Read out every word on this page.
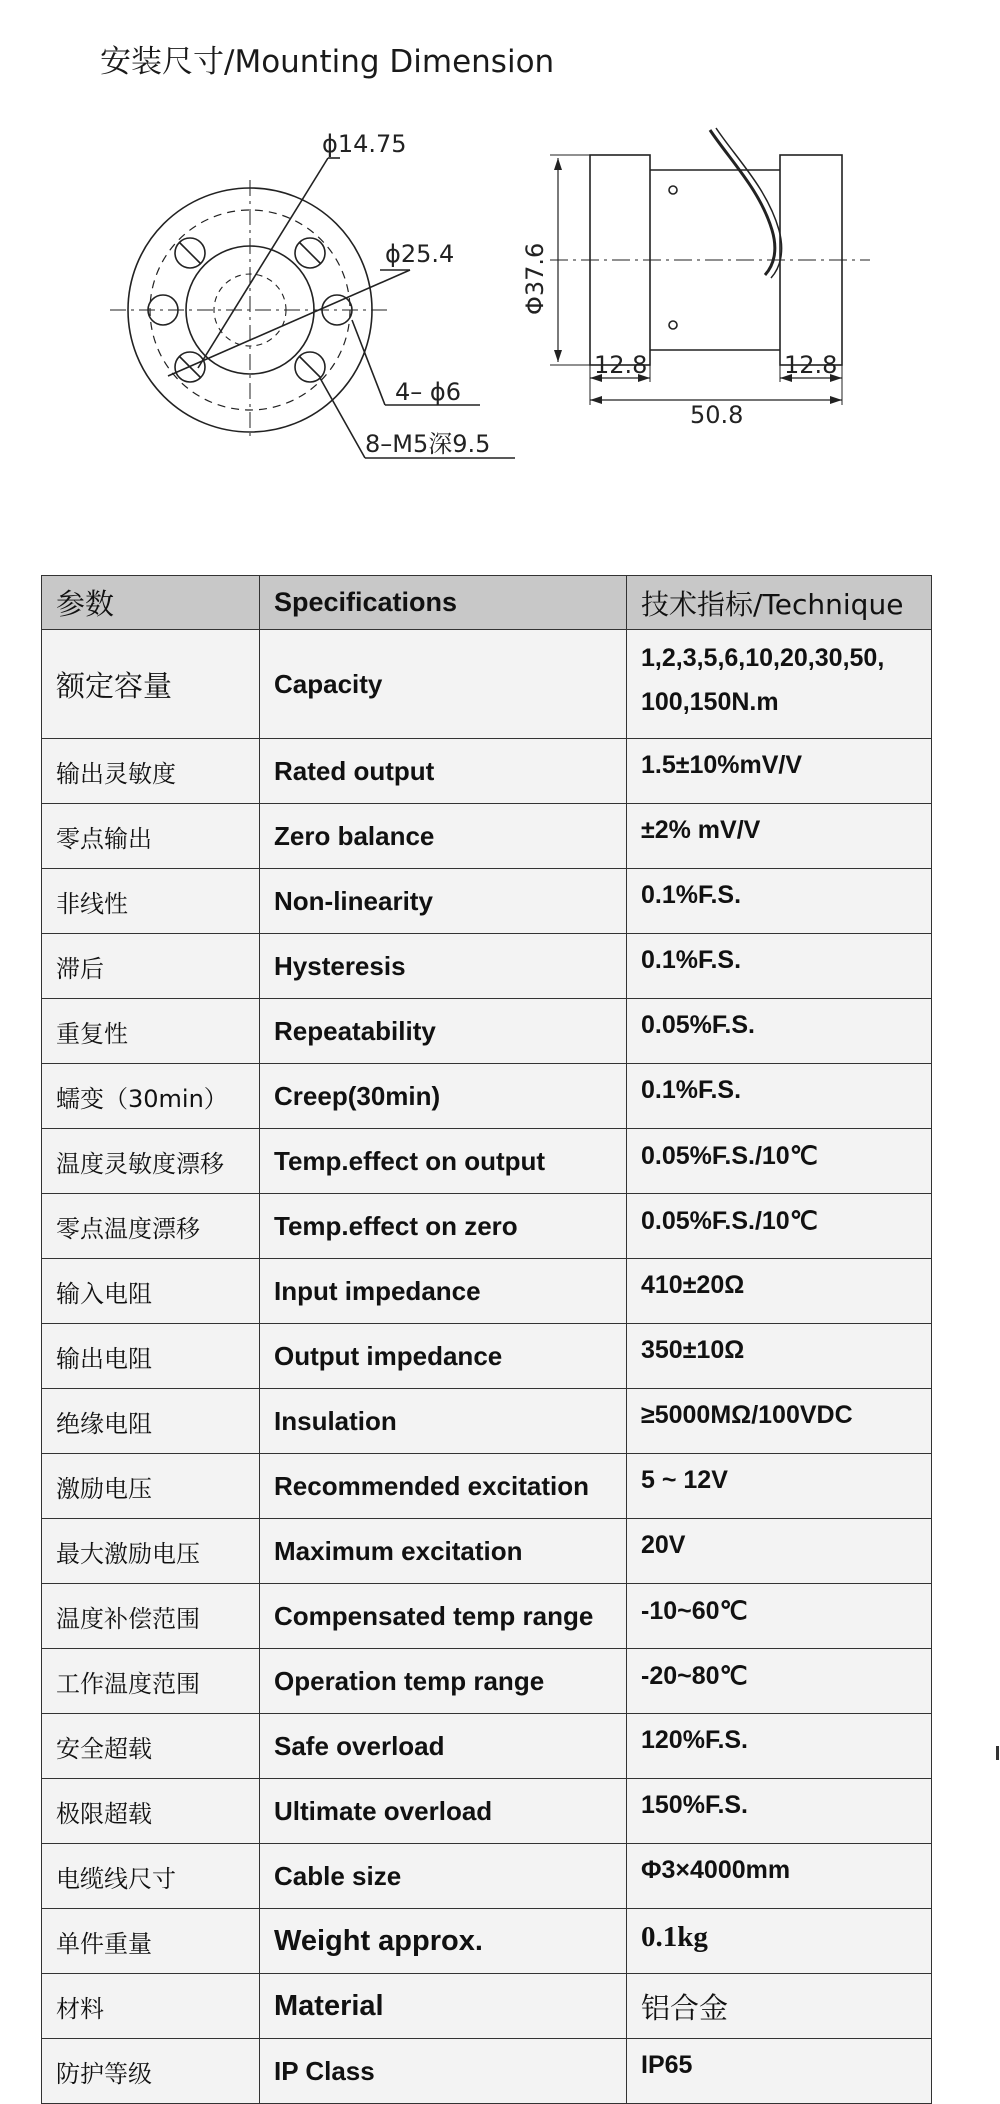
安装尺寸/Mounting Dimension
ϕ14.75
ϕ25.4
4– ϕ6
8–M5深9.5
Φ37.6
12.8	12.8
50.8
参数	Specifications	技术指标/Technique
额定容量	Capacity	1,2,3,5,6,10,20,30,50,
100,150N.m
输出灵敏度	Rated output	1.5±10%mV/V
零点输出	Zero balance	±2% mV/V
非线性	Non-linearity	0.1%F.S.
滞后	Hysteresis	0.1%F.S.
重复性	Repeatability	0.05%F.S.
蠕变（30min）	Creep(30min)	0.1%F.S.
温度灵敏度漂移	Temp.effect on output	0.05%F.S./10℃
零点温度漂移	Temp.effect on zero	0.05%F.S./10℃
输入电阻	Input impedance	410±20Ω
输出电阻	Output impedance	350±10Ω
绝缘电阻	Insulation	≥5000MΩ/100VDC
激励电压	Recommended excitation	5 ~ 12V
最大激励电压	Maximum excitation	20V
温度补偿范围	Compensated temp range	-10~60℃
工作温度范围	Operation temp range	-20~80℃
安全超载	Safe overload	120%F.S.
极限超载	Ultimate overload	150%F.S.
电缆线尺寸	Cable size	Φ3×4000mm
单件重量	Weight approx.	0.1kg
材料	Material	铝合金
防护等级	IP Class	IP65
